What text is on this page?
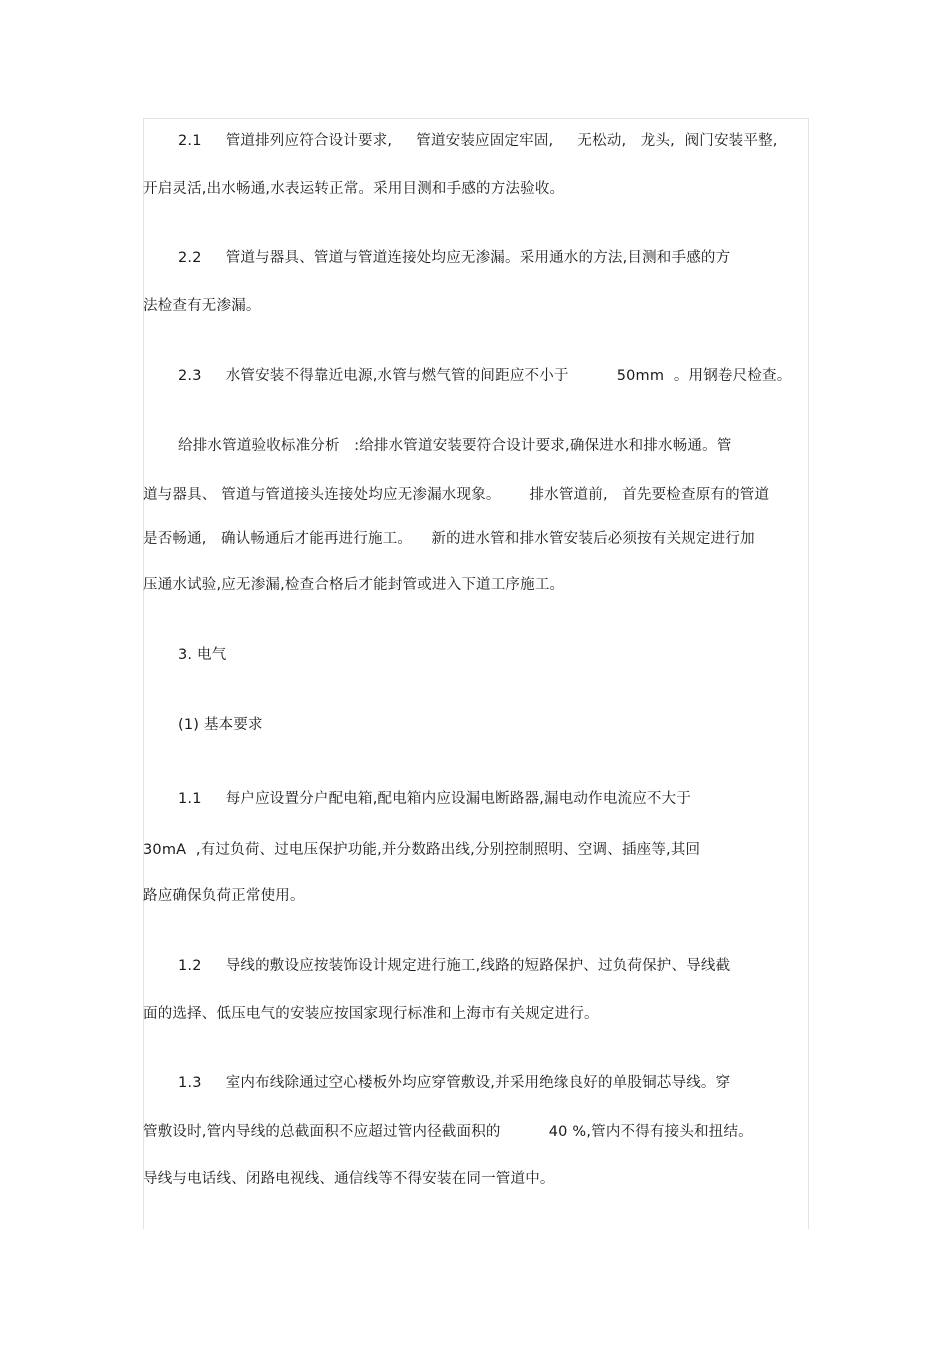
2.1     管道排列应符合设计要求,     管道安装应固定牢固,     无松动,   龙头,  阀门安装平整,
开启灵活,出水畅通,水表运转正常。采用目测和手感的方法验收。
2.2     管道与器具、管道与管道连接处均应无渗漏。采用通水的方法,目测和手感的方
法检查有无渗漏。
2.3     水管安装不得靠近电源,水管与燃气管的间距应不小于          50mm  。用钢卷尺检查。
给排水管道验收标准分析   :给排水管道安装要符合设计要求,确保进水和排水畅通。管
道与器具、 管道与管道接头连接处均应无渗漏水现象。      排水管道前,   首先要检查原有的管道
是否畅通,   确认畅通后才能再进行施工。    新的进水管和排水管安装后必须按有关规定进行加
压通水试验,应无渗漏,检查合格后才能封管或进入下道工序施工。
3. 电气
(1) 基本要求
1.1     每户应设置分户配电箱,配电箱内应设漏电断路器,漏电动作电流应不大于
30mA  ,有过负荷、过电压保护功能,并分数路出线,分别控制照明、空调、插座等,其回
路应确保负荷正常使用。
1.2     导线的敷设应按装饰设计规定进行施工,线路的短路保护、过负荷保护、导线截
面的选择、低压电气的安装应按国家现行标准和上海市有关规定进行。
1.3     室内布线除通过空心楼板外均应穿管敷设,并采用绝缘良好的单股铜芯导线。穿
管敷设时,管内导线的总截面积不应超过管内径截面积的          40 %,管内不得有接头和扭结。
导线与电话线、闭路电视线、通信线等不得安装在同一管道中。
